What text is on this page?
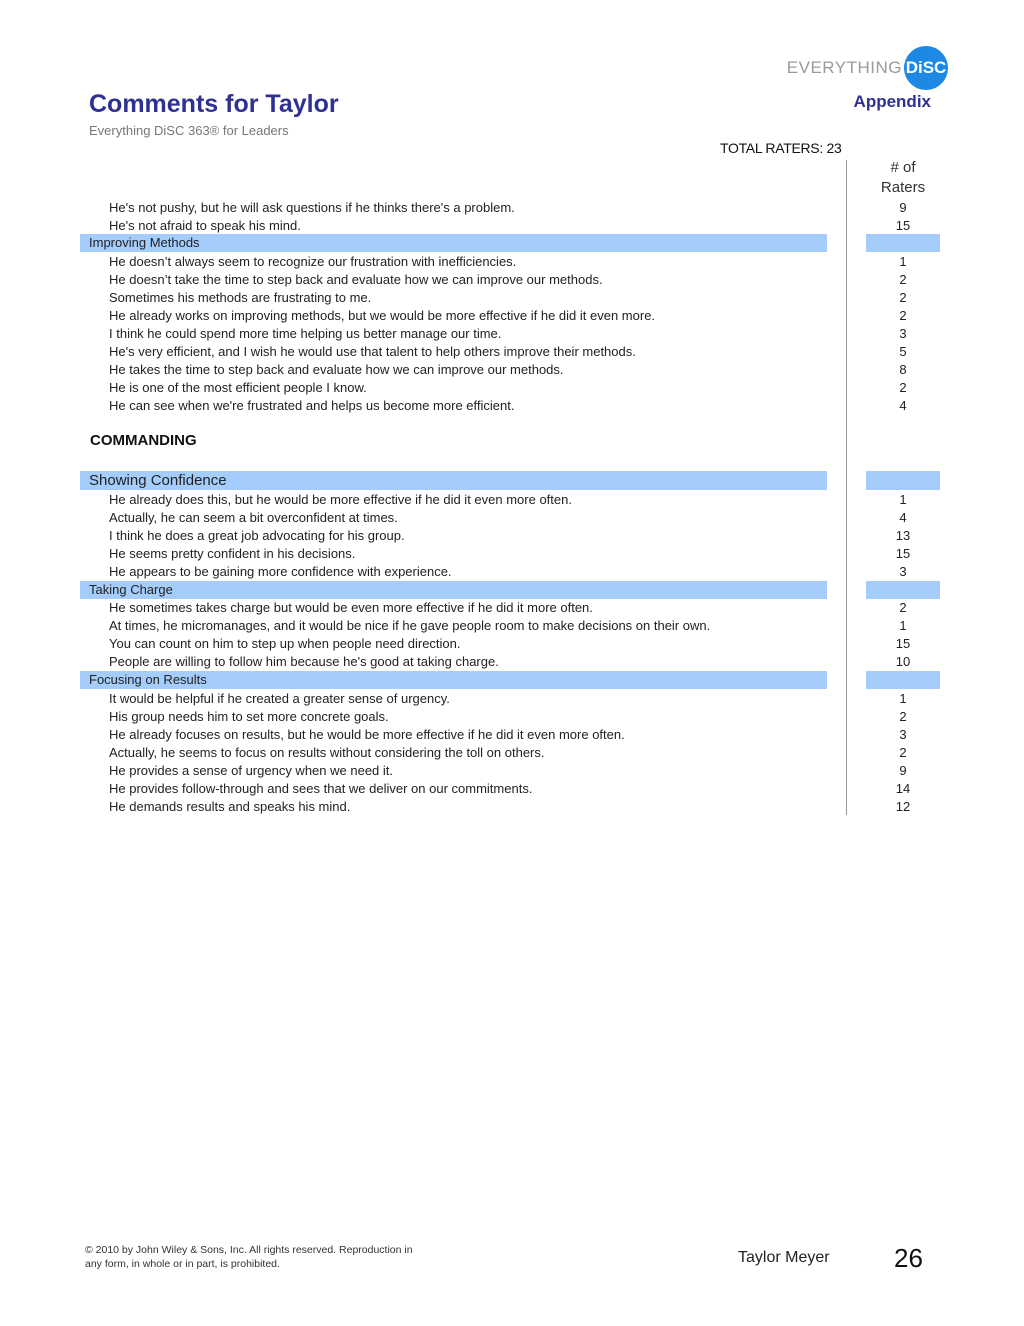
EVERYTHING DiSC
Comments for Taylor
Everything DiSC 363® for Leaders
Appendix
TOTAL RATERS: 23
# of
Raters
He's not pushy, but he will ask questions if he thinks there's a problem.	9
He's not afraid to speak his mind.	15
Improving Methods
He doesn’t always seem to recognize our frustration with inefficiencies.	1
He doesn’t take the time to step back and evaluate how we can improve our methods.	2
Sometimes his methods are frustrating to me.	2
He already works on improving methods, but we would be more effective if he did it even more.	2
I think he could spend more time helping us better manage our time.	3
He's very efficient, and I wish he would use that talent to help others improve their methods.	5
He takes the time to step back and evaluate how we can improve our methods.	8
He is one of the most efficient people I know.	2
He can see when we're frustrated and helps us become more efficient.	4
COMMANDING
Showing Confidence
He already does this, but he would be more effective if he did it even more often.	1
Actually, he can seem a bit overconfident at times.	4
I think he does a great job advocating for his group.	13
He seems pretty confident in his decisions.	15
He appears to be gaining more confidence with experience.	3
Taking Charge
He sometimes takes charge but would be even more effective if he did it more often.	2
At times, he micromanages, and it would be nice if he gave people room to make decisions on their own.	1
You can count on him to step up when people need direction.	15
People are willing to follow him because he's good at taking charge.	10
Focusing on Results
It would be helpful if he created a greater sense of urgency.	1
His group needs him to set more concrete goals.	2
He already focuses on results, but he would be more effective if he did it even more often.	3
Actually, he seems to focus on results without considering the toll on others.	2
He provides a sense of urgency when we need it.	9
He provides follow-through and sees that we deliver on our commitments.	14
He demands results and speaks his mind.	12
© 2010 by John Wiley & Sons, Inc. All rights reserved. Reproduction in
any form, in whole or in part, is prohibited.	Taylor Meyer 26
